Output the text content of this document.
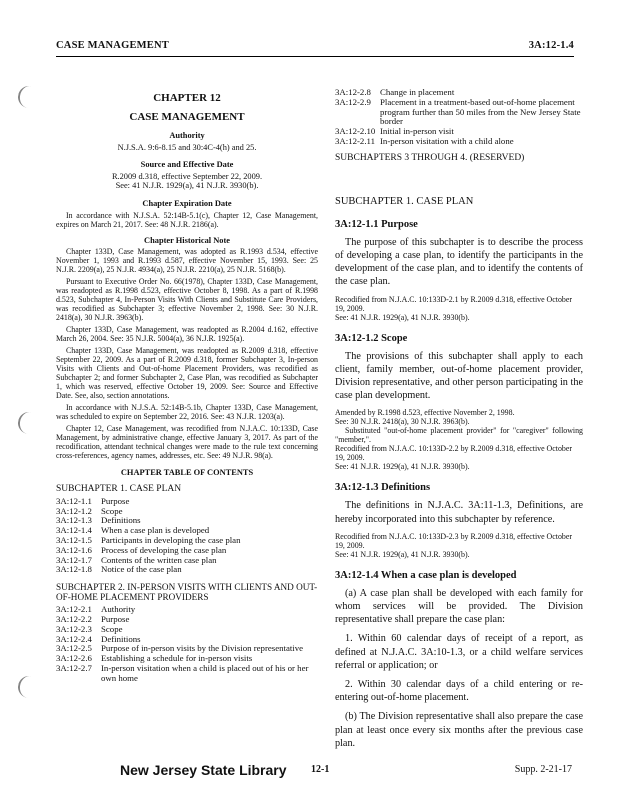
CASE MANAGEMENT	3A:12-1.4
CHAPTER 12
CASE MANAGEMENT
Authority
N.J.S.A. 9:6-8.15 and 30:4C-4(h) and 25.
Source and Effective Date
R.2009 d.318, effective September 22, 2009.
See: 41 N.J.R. 1929(a), 41 N.J.R. 3930(b).
Chapter Expiration Date

In accordance with N.J.S.A. 52:14B-5.1(c), Chapter 12, Case Management, expires on March 21, 2017. See: 48 N.J.R. 2186(a).

Chapter Historical Note

Chapter 133D, Case Management, was adopted as R.1993 d.534, effective November 1, 1993 and R.1993 d.587, effective November 15, 1993. See: 25 N.J.R. 2209(a), 25 N.J.R. 4934(a), 25 N.J.R. 2210(a), 25 N.J.R. 5168(b).

Pursuant to Executive Order No. 66(1978), Chapter 133D, Case Management, was readopted as R.1998 d.523, effective October 8, 1998. As a part of R.1998 d.523, Subchapter 4, In-Person Visits With Clients and Substitute Care Providers, was recodified as Subchapter 3; effective November 2, 1998. See: 30 N.J.R. 2418(a), 30 N.J.R. 3963(b).

Chapter 133D, Case Management, was readopted as R.2004 d.162, effective March 26, 2004. See: 35 N.J.R. 5004(a), 36 N.J.R. 1925(a).

Chapter 133D, Case Management, was readopted as R.2009 d.318, effective September 22, 2009. As a part of R.2009 d.318, former Subchapter 3, In-person Visits with Clients and Out-of-home Placement Providers, was recodified as Subchapter 2; and former Subchapter 2, Case Plan, was recodified as Subchapter 1, which was reserved, effective October 19, 2009. See: Source and Effective Date. See, also, section annotations.

In accordance with N.J.S.A. 52:14B-5.1b, Chapter 133D, Case Management, was scheduled to expire on September 22, 2016. See: 43 N.J.R. 1203(a).

Chapter 12, Case Management, was recodified from N.J.A.C. 10:133D, Case Management, by administrative change, effective January 3, 2017. As part of the recodification, attendant technical changes were made to the rule text concerning cross-references, agency names, addresses, etc. See: 49 N.J.R. 98(a).

CHAPTER TABLE OF CONTENTS
SUBCHAPTER 1. CASE PLAN
3A:12-1.1	Purpose
3A:12-1.2	Scope
3A:12-1.3	Definitions
3A:12-1.4	When a case plan is developed
3A:12-1.5	Participants in developing the case plan
3A:12-1.6	Process of developing the case plan
3A:12-1.7	Contents of the written case plan
3A:12-1.8	Notice of the case plan
SUBCHAPTER 2. IN-PERSON VISITS WITH CLIENTS AND OUT-OF-HOME PLACEMENT PROVIDERS
3A:12-2.1	Authority
3A:12-2.2	Purpose
3A:12-2.3	Scope
3A:12-2.4	Definitions
3A:12-2.5	Purpose of in-person visits by the Division representative
3A:12-2.6	Establishing a schedule for in-person visits
3A:12-2.7	In-person visitation when a child is placed out of his or her own home
3A:12-2.8	Change in placement
3A:12-2.9	Placement in a treatment-based out-of-home placement program further than 50 miles from the New Jersey State border
3A:12-2.10 Initial in-person visit
3A:12-2.11 In-person visitation with a child alone
SUBCHAPTERS 3 THROUGH 4. (RESERVED)
SUBCHAPTER 1. CASE PLAN
3A:12-1.1 Purpose

The purpose of this subchapter is to describe the process of developing a case plan, to identify the participants in the development of the case plan, and to identify the contents of the case plan.

Recodified from N.J.A.C. 10:133D-2.1 by R.2009 d.318, effective October 19, 2009.

See: 41 N.J.R. 1929(a), 41 N.J.R. 3930(b).

3A:12-1.2 Scope

The provisions of this subchapter shall apply to each client, family member, out-of-home placement provider, Division representative, and other person participating in the case plan development.

Amended by R.1998 d.523, effective November 2, 1998.

See: 30 N.J.R. 2418(a), 30 N.J.R. 3963(b).

Substituted "out-of-home placement provider" for "caregiver" following "member,".

Recodified from N.J.A.C. 10:133D-2.2 by R.2009 d.318, effective October 19, 2009.

See: 41 N.J.R. 1929(a), 41 N.J.R. 3930(b).

3A:12-1.3 Definitions

The definitions in N.J.A.C. 3A:11-1.3, Definitions, are hereby incorporated into this subchapter by reference.

Recodified from N.J.A.C. 10:133D-2.3 by R.2009 d.318, effective October 19, 2009.

See: 41 N.J.R. 1929(a), 41 N.J.R. 3930(b).

3A:12-1.4 When a case plan is developed

(a) A case plan shall be developed with each family for whom services will be provided. The Division representative shall prepare the case plan:

1. Within 60 calendar days of receipt of a report, as defined at N.J.A.C. 3A:10-1.3, or a child welfare services referral or application; or

2. Within 30 calendar days of a child entering or re-entering out-of-home placement.

(b) The Division representative shall also prepare the case plan at least once every six months after the previous case plan.

New Jersey State Library 12-1	Supp. 2-21-17
